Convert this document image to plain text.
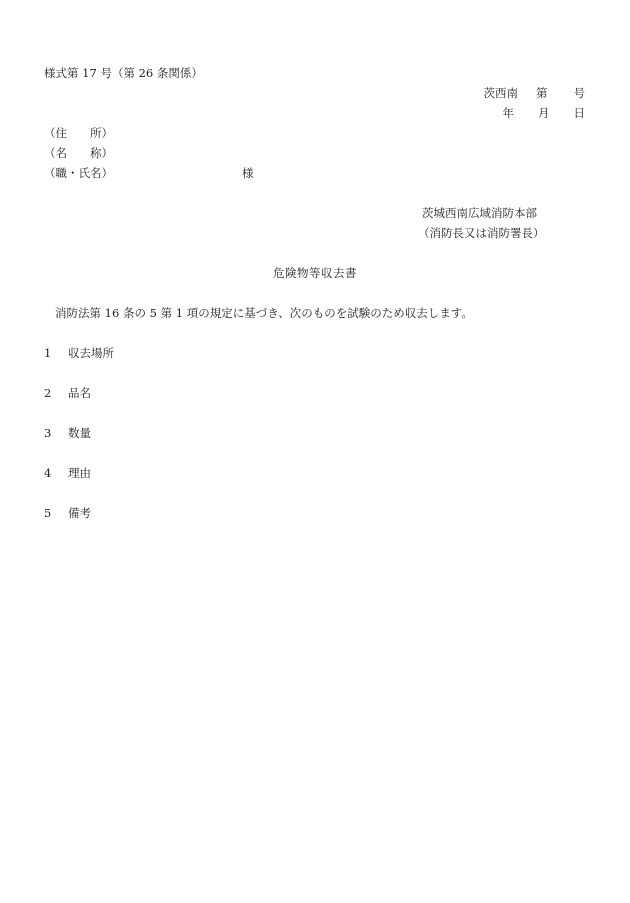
様式第 17 号（第 26 条関係）
茨西南 第 号
年 月 日
（住　　所）
（名　　称）
（職・氏名）	様
茨城西南広域消防本部
（消防長又は消防署長）
危険物等収去書
消防法第 16 条の 5 第 1 項の規定に基づき、次のものを試験のため収去します。
1 収去場所
2 品名
3 数量
4 理由
5 備考
